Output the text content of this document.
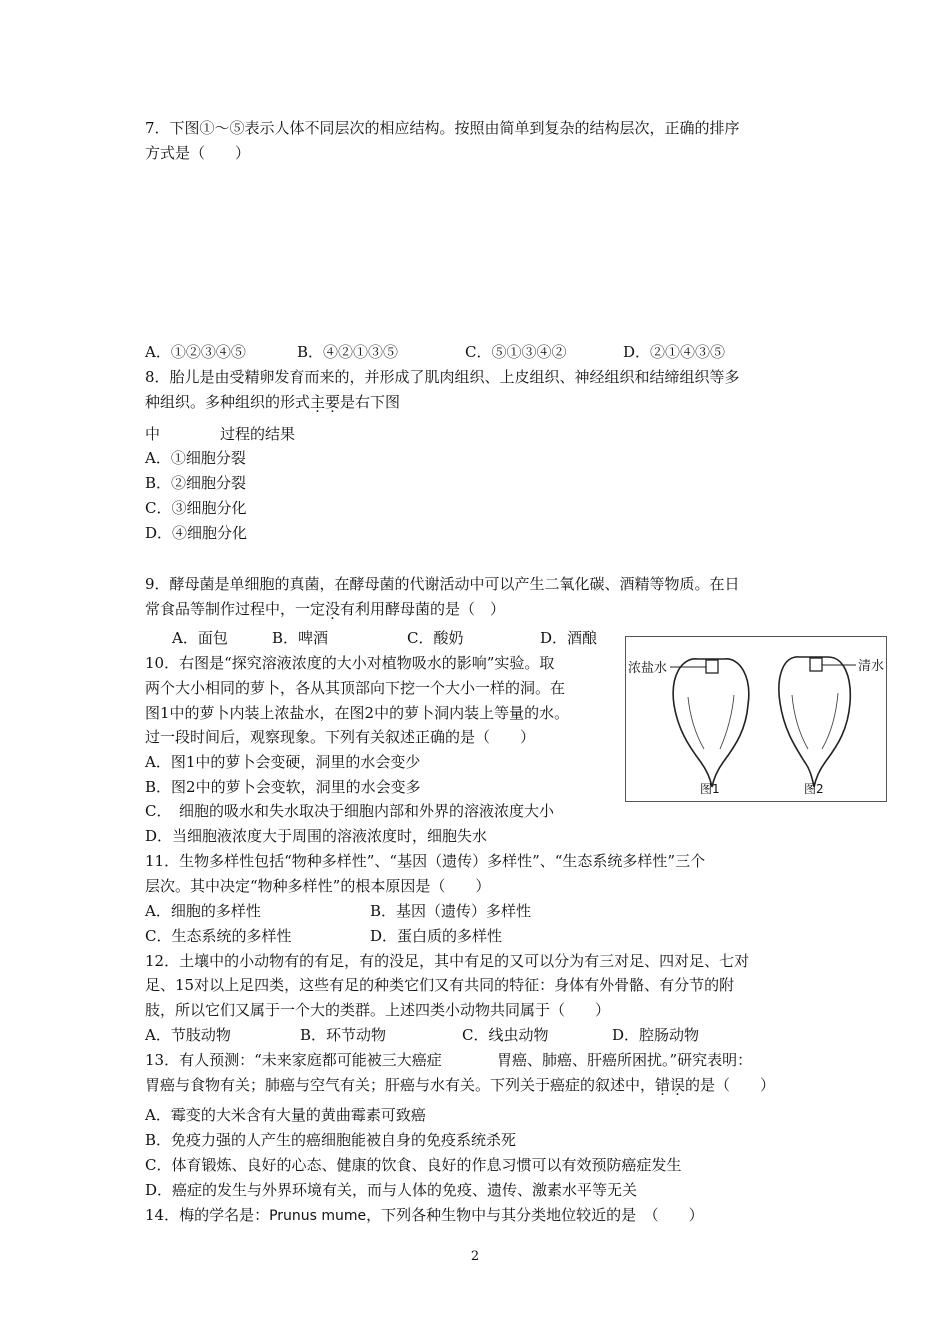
7．下图①～⑤表示人体不同层次的相应结构。按照由简单到复杂的结构层次，正确的排序
方式是（　　）
A．①②③④⑤	B．④②①③⑤	C．⑤①③④②	D．②①④③⑤
8．胎儿是由受精卵发育而来的，并形成了肌肉组织、上皮组织、神经组织和结缔组织等多
种组织。多种组织的形式主要是右下图
中	过程的结果
A．①细胞分裂
B．②细胞分裂
C．③细胞分化
D．④细胞分化
9．酵母菌是单细胞的真菌，在酵母菌的代谢活动中可以产生二氧化碳、酒精等物质。在日
常食品等制作过程中，一定没有利用酵母菌的是（　）
A．面包	B．啤酒	C．酸奶	D．酒酿
10．右图是“探究溶液浓度的大小对植物吸水的影响”实验。取
两个大小相同的萝卜，各从其顶部向下挖一个大小一样的洞。在
图1中的萝卜内装上浓盐水，在图2中的萝卜洞内装上等量的水。
过一段时间后，观察现象。下列有关叙述正确的是（　　）
A．图1中的萝卜会变硬，洞里的水会变少
B．图2中的萝卜会变软，洞里的水会变多
C．　细胞的吸水和失水取决于细胞内部和外界的溶液浓度大小
D．当细胞液浓度大于周围的溶液浓度时，细胞失水
浓盐水
图1
清水
图2
11．生物多样性包括“物种多样性”、“基因（遗传）多样性”、“生态系统多样性”三个
层次。其中决定“物种多样性”的根本原因是（　　）
A．细胞的多样性	B．基因（遗传）多样性
C．生态系统的多样性	D．蛋白质的多样性
12．土壤中的小动物有的有足，有的没足，其中有足的又可以分为有三对足、四对足、七对
足、15对以上足四类，这些有足的种类它们又有共同的特征：身体有外骨骼、有分节的附
肢，所以它们又属于一个大的类群。上述四类小动物共同属于（　　）
A．节肢动物	B．环节动物	C．线虫动物	D．腔肠动物
13．有人预测：“未来家庭都可能被三大癌症	胃癌、肺癌、肝癌所困扰。”研究表明：
胃癌与食物有关；肺癌与空气有关；肝癌与水有关。下列关于癌症的叙述中，错误的是（　　）
A．霉变的大米含有大量的黄曲霉素可致癌
B．免疫力强的人产生的癌细胞能被自身的免疫系统杀死
C．体育锻炼、良好的心态、健康的饮食、良好的作息习惯可以有效预防癌症发生
D．癌症的发生与外界环境有关，而与人体的免疫、遗传、激素水平等无关
14．梅的学名是：Prunus mume，下列各种生物中与其分类地位较近的是　（　　）
2
